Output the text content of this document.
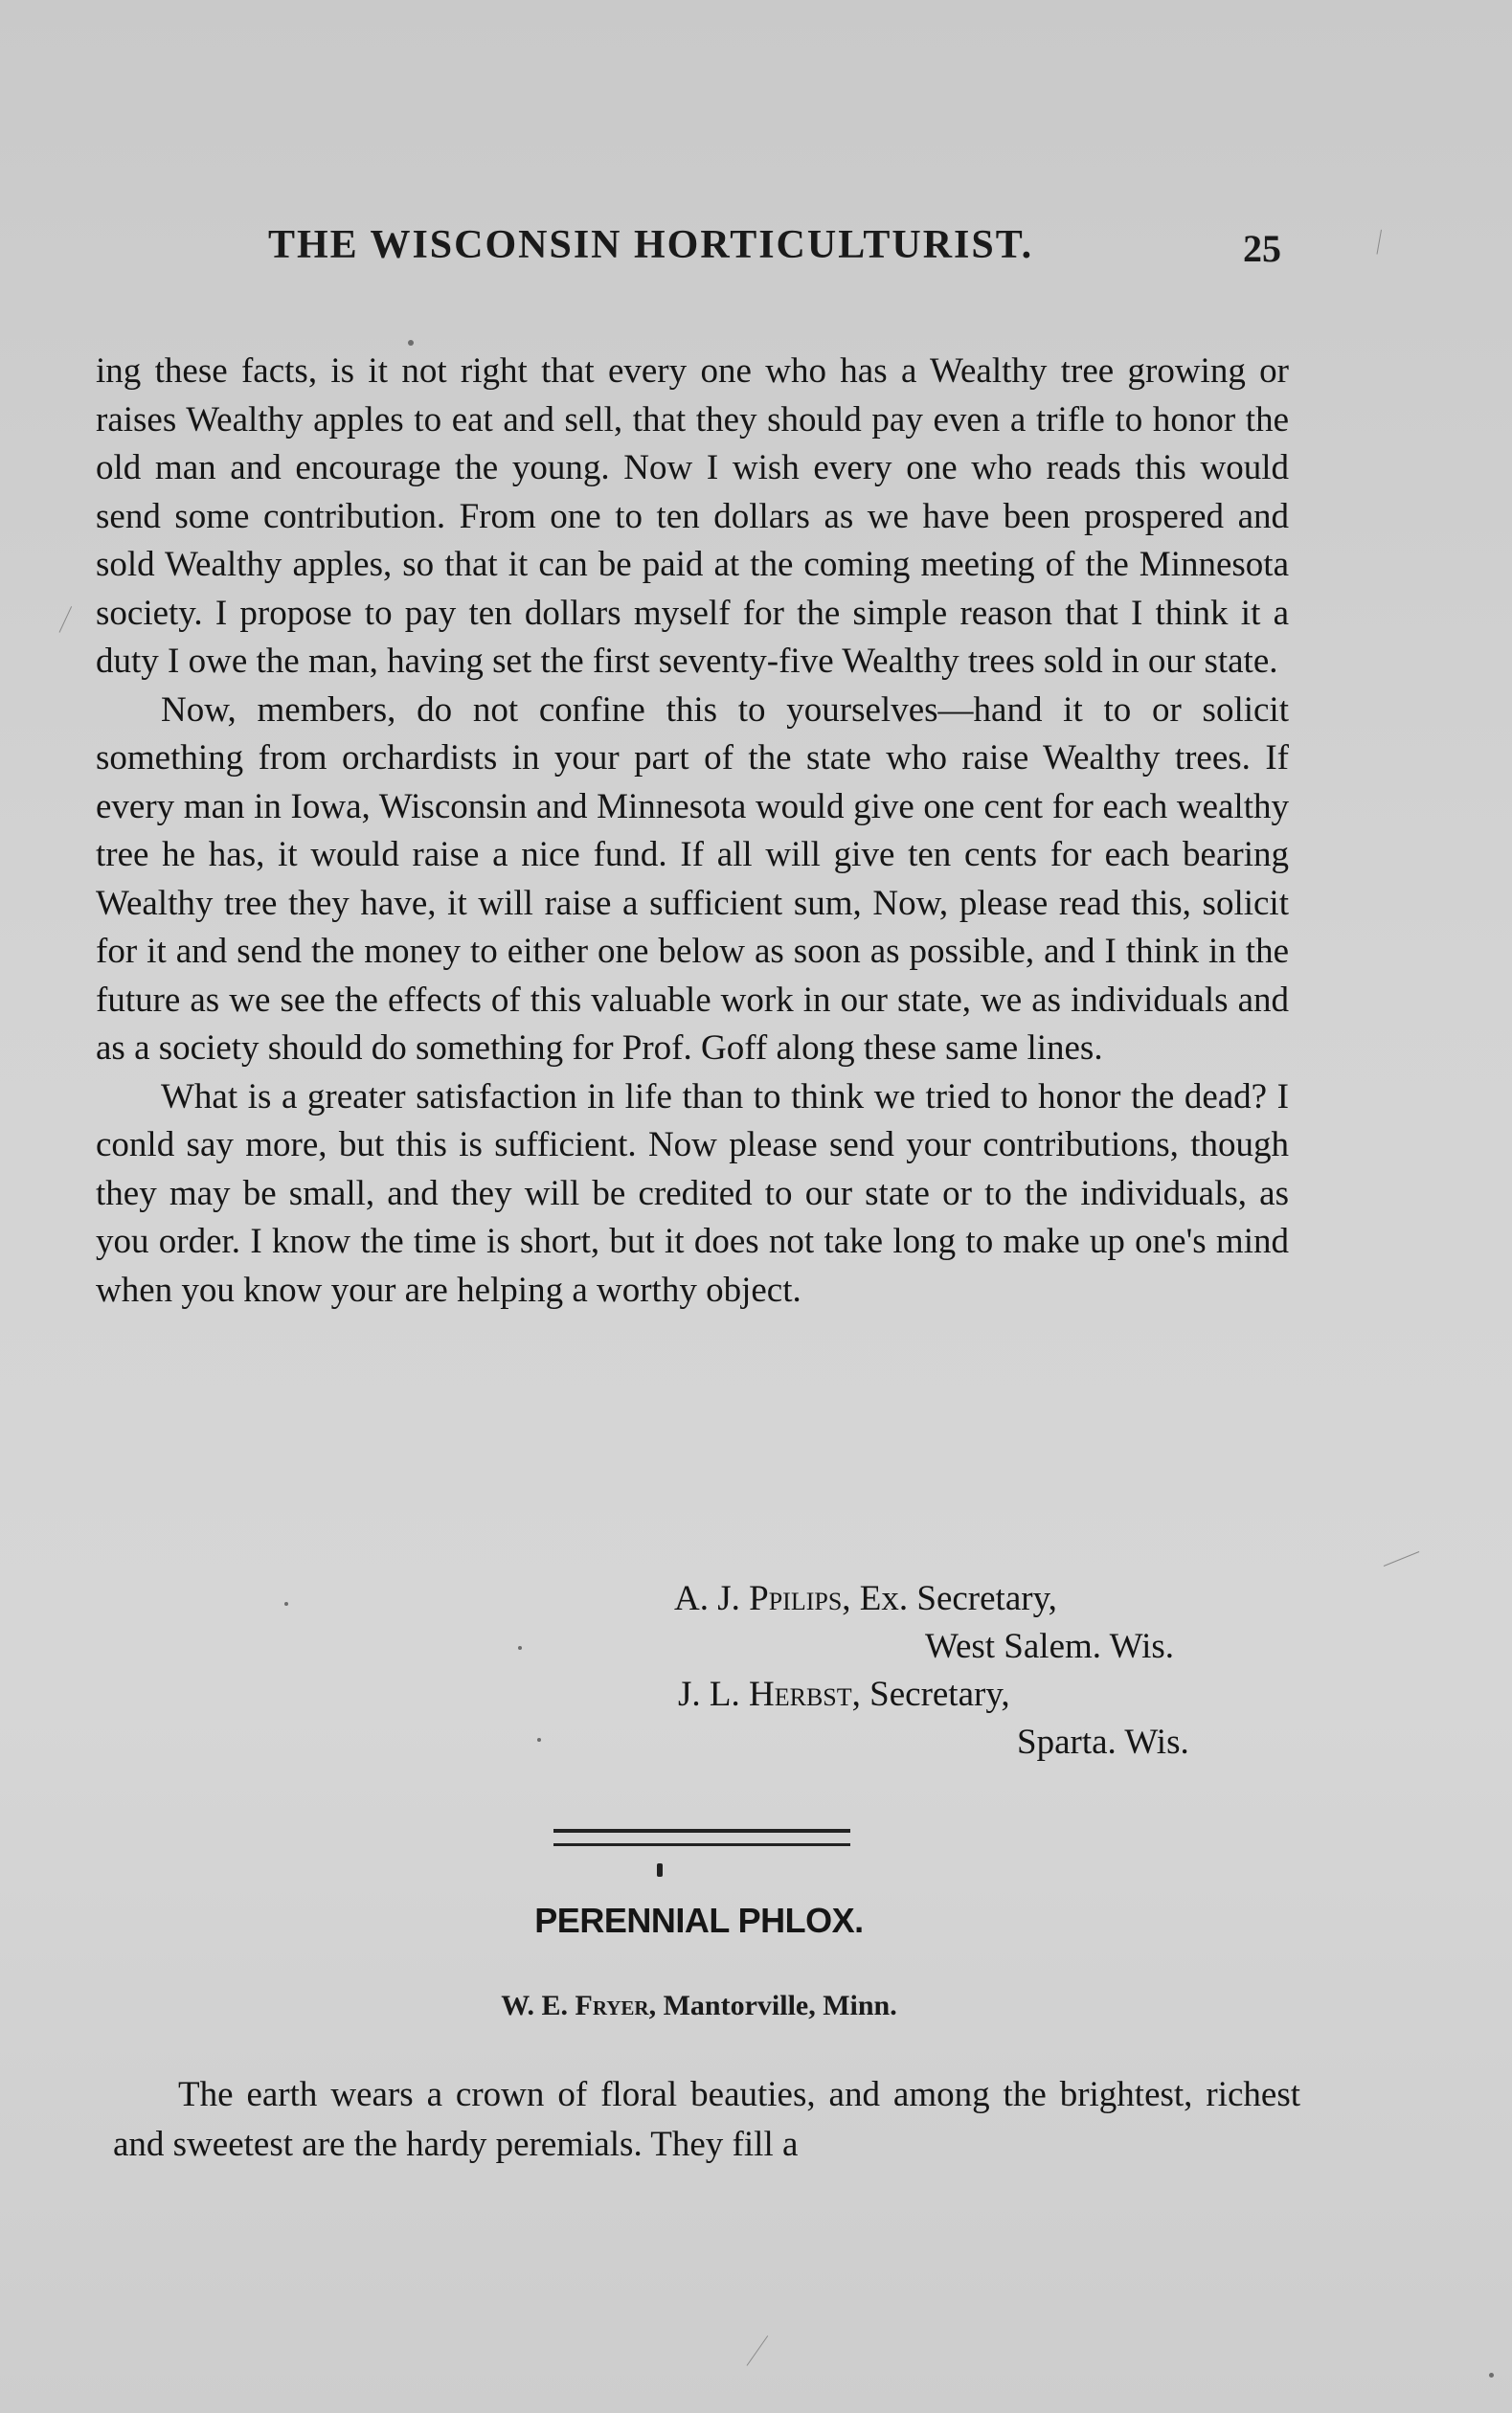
THE WISCONSIN HORTICULTURIST.	25

ing these facts, is it not right that every one who has a Wealthy tree growing or raises Wealthy apples to eat and sell, that they should pay even a trifle to honor the old man and encourage the young. Now I wish every one who reads this would send some contribution. From one to ten dollars as we have been prospered and sold Wealthy apples, so that it can be paid at the coming meeting of the Minnesota society. I propose to pay ten dollars myself for the simple reason that I think it a duty I owe the man, having set the first seventy-five Wealthy trees sold in our state.

Now, members, do not confine this to yourselves—hand it to or solicit something from orchardists in your part of the state who raise Wealthy trees. If every man in Iowa, Wisconsin and Minnesota would give one cent for each wealthy tree he has, it would raise a nice fund. If all will give ten cents for each bearing Wealthy tree they have, it will raise a sufficient sum, Now, please read this, solicit for it and send the money to either one below as soon as possible, and I think in the future as we see the effects of this valuable work in our state, we as individuals and as a society should do something for Prof. Goff along these same lines.

What is a greater satisfaction in life than to think we tried to honor the dead? I conld say more, but this is sufficient. Now please send your contributions, though they may be small, and they will be credited to our state or to the individuals, as you order. I know the time is short, but it does not take long to make up one's mind when you know your are helping a worthy object.

A. J. Ppilips, Ex. Secretary,
West Salem. Wis.
J. L. Herbst, Secretary,
Sparta. Wis.
PERENNIAL PHLOX.
W. E. Fryer, Mantorville, Minn.

The earth wears a crown of floral beauties, and among the brightest, richest and sweetest are the hardy peremials. They fill a
